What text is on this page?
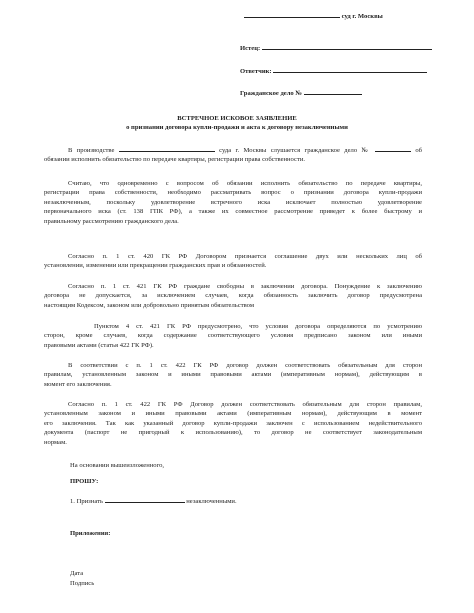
суд г. Москвы
Истец:
Ответчик:
Гражданское дело №
ВСТРЕЧНОЕ ИСКОВОЕ ЗАЯВЛЕНИЕ
о признании договора купли-продажи и акта к договору незаключенными
В производстве	суда г. Москвы слушается гражданское дело №	об
обязании исполнить обязательство по передаче квартиры, регистрации права собственности.
Считаю, что одновременно с вопросом об обязании исполнить обязательство по передаче квартиры,
регистрации права собственности, необходимо рассматривать вопрос о признании договора купли-продажи
незаключенным, поскольку удовлетворение встречного иска исключает полностью удовлетворение
первоначального иска (ст. 138 ГПК РФ), а также их совместное рассмотрение приведет к более быстрому и
правильному рассмотрению гражданского дела.
Согласно п. 1 ст. 420 ГК РФ Договором признается соглашение двух или нескольких лиц об
установлении, изменении или прекращении гражданских прав и обязанностей.
Согласно п. 1 ст. 421 ГК РФ граждане свободны в заключении договора. Понуждение к заключению
договора не допускается, за исключением случаев, когда обязанность заключить договор предусмотрена
настоящим Кодексом, законом или добровольно принятым обязательством
Пунктом 4 ст. 421 ГК РФ предусмотрено, что условия договора определяются по усмотрению
сторон, кроме случаев, когда содержание соответствующего условия предписано законом или иными
правовыми актами (статья 422 ГК РФ).
В соответствии с п. 1 ст. 422 ГК РФ договор должен соответствовать обязательным для сторон
правилам, установленным законом и иными правовыми актами (императивным нормам), действующим в
момент его заключения.
Согласно п. 1 ст. 422 ГК РФ Договор должен соответствовать обязательным для сторон правилам,
установленным законом и иными правовыми актами (императивным нормам), действующим в момент
его заключения. Так как указанный договор купли-продажи заключен с использованием недействительного
документа (паспорт не пригодный к использованию), то договор не соответствует законодательным
нормам.
На основании вышеизложенного,
ПРОШУ:
1. Признать	незаключенными.
Приложения:
Дата
Подпись
